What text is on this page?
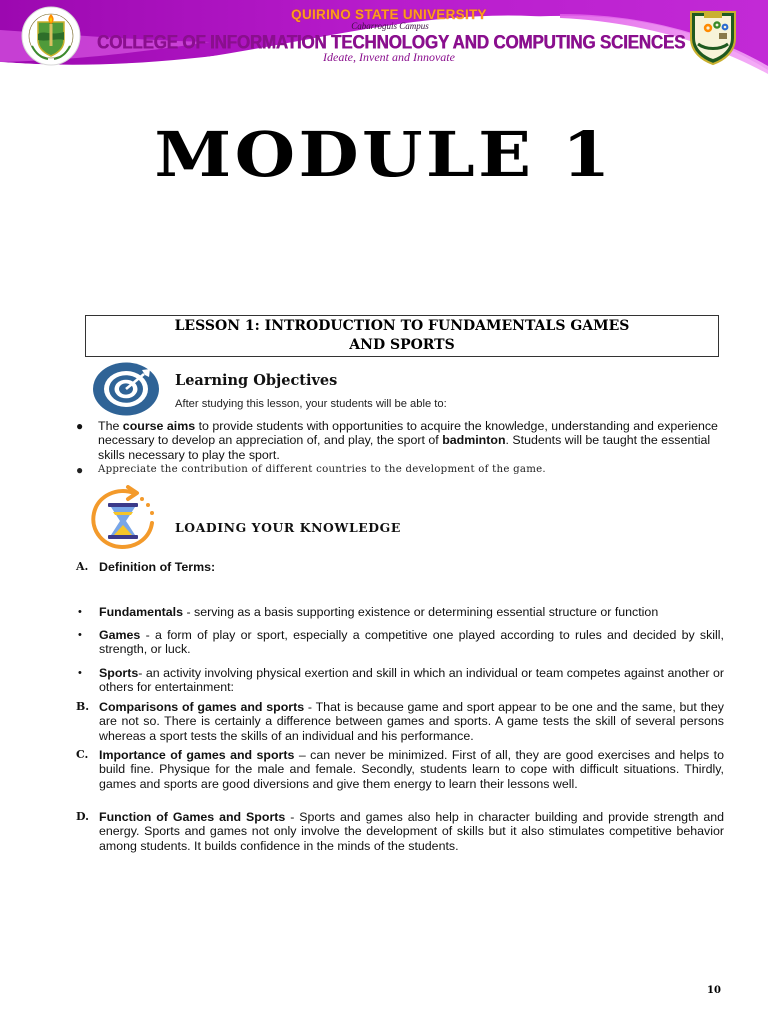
QUIRINO STATE UNIVERSITY
Cabarroguis Campus
COLLEGE OF INFORMATION TECHNOLOGY AND COMPUTING SCIENCES
Ideate, Invent and Innovate
MODULE 1
LESSON 1: INTRODUCTION TO FUNDAMENTALS GAMES
AND SPORTS
Learning Objectives
After studying this lesson, your students will be able to:
● The course aims to provide students with opportunities to acquire the knowledge, understanding and experience necessary to develop an appreciation of, and play, the sport of badminton. Students will be taught the essential skills necessary to play the sport.
● Appreciate the contribution of different countries to the development of the game.
LOADING YOUR KNOWLEDGE
A. Definition of Terms:
•	Fundamentals - serving as a basis supporting existence or determining essential structure or function
•	Games - a form of play or sport, especially a competitive one played according to rules and decided by skill, strength, or luck.
•	Sports- an activity involving physical exertion and skill in which an individual or team competes against another or others for entertainment:
B. Comparisons of games and sports - That is because game and sport appear to be one and the same, but they are not so. There is certainly a difference between games and sports. A game tests the skill of several persons whereas a sport tests the skills of an individual and his performance.
C. Importance of games and sports – can never be minimized. First of all, they are good exercises and helps to build fine. Physique for the male and female. Secondly, students learn to cope with difficult situations. Thirdly, games and sports are good diversions and give them energy to learn their lessons well.
D. Function of Games and Sports - Sports and games also help in character building and provide strength and energy. Sports and games not only involve the development of skills but it also stimulates competitive behavior among students. It builds confidence in the minds of the students.
10
